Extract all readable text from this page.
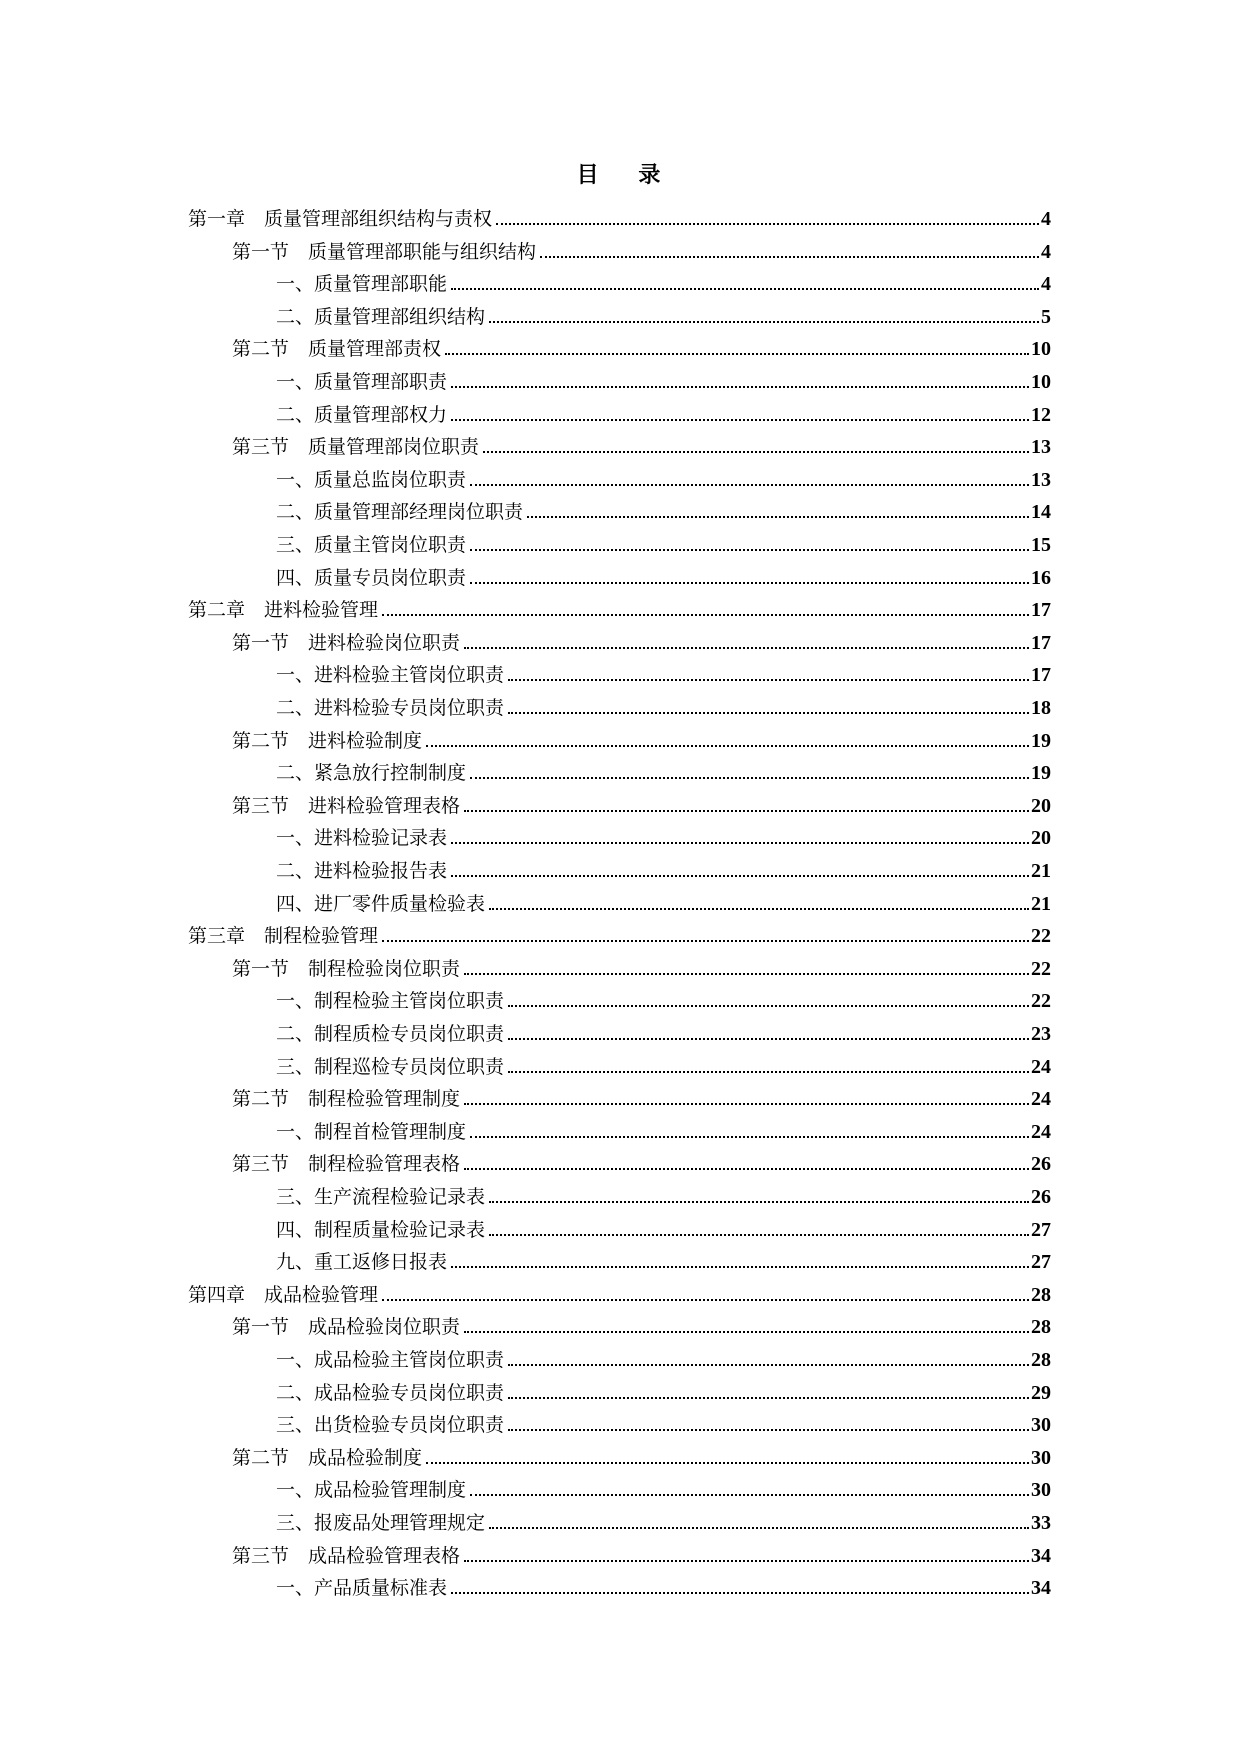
目 录
第一章　质量管理部组织结构与责权	4
第一节　质量管理部职能与组织结构	4
一、质量管理部职能	4
二、质量管理部组织结构	5
第二节　质量管理部责权	10
一、质量管理部职责	10
二、质量管理部权力	12
第三节　质量管理部岗位职责	13
一、质量总监岗位职责	13
二、质量管理部经理岗位职责	14
三、质量主管岗位职责	15
四、质量专员岗位职责	16
第二章　进料检验管理	17
第一节　进料检验岗位职责	17
一、进料检验主管岗位职责	17
二、进料检验专员岗位职责	18
第二节　进料检验制度	19
二、紧急放行控制制度	19
第三节　进料检验管理表格	20
一、进料检验记录表	20
二、进料检验报告表	21
四、进厂零件质量检验表	21
第三章　制程检验管理	22
第一节　制程检验岗位职责	22
一、制程检验主管岗位职责	22
二、制程质检专员岗位职责	23
三、制程巡检专员岗位职责	24
第二节　制程检验管理制度	24
一、制程首检管理制度	24
第三节　制程检验管理表格	26
三、生产流程检验记录表	26
四、制程质量检验记录表	27
九、重工返修日报表	27
第四章　成品检验管理	28
第一节　成品检验岗位职责	28
一、成品检验主管岗位职责	28
二、成品检验专员岗位职责	29
三、出货检验专员岗位职责	30
第二节　成品检验制度	30
一、成品检验管理制度	30
三、报废品处理管理规定	33
第三节　成品检验管理表格	34
一、产品质量标准表	34
